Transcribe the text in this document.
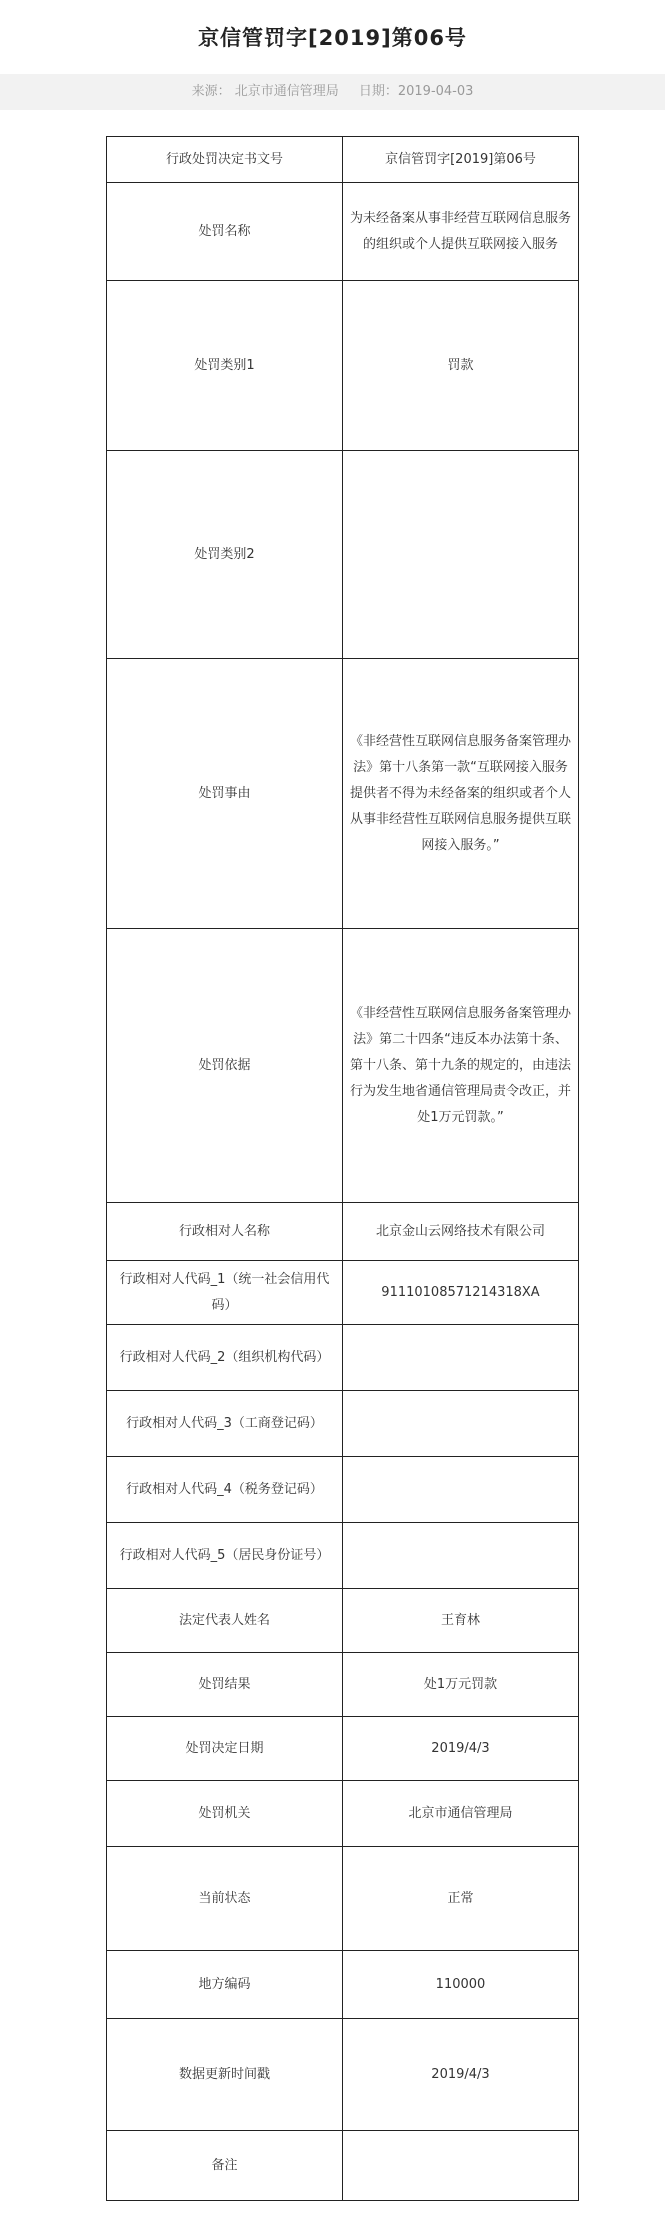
京信管罚字[2019]第06号
来源： 北京市通信管理局 日期：2019-04-03
行政处罚决定书文号	京信管罚字[2019]第06号
处罚名称	为未经备案从事非经营互联网信息服务的组织或个人提供互联网接入服务
处罚类别1	罚款
处罚类别2	
处罚事由	《非经营性互联网信息服务备案管理办法》第十八条第一款“互联网接入服务提供者不得为未经备案的组织或者个人从事非经营性互联网信息服务提供互联网接入服务。”
处罚依据	《非经营性互联网信息服务备案管理办法》第二十四条“违反本办法第十条、第十八条、第十九条的规定的，由违法行为发生地省通信管理局责令改正，并处1万元罚款。”
行政相对人名称	北京金山云网络技术有限公司
行政相对人代码_1（统一社会信用代码）	91110108571214318XA
行政相对人代码_2（组织机构代码）	
行政相对人代码_3（工商登记码）	
行政相对人代码_4（税务登记码）	
行政相对人代码_5（居民身份证号）	
法定代表人姓名	王育林
处罚结果	处1万元罚款
处罚决定日期	2019/4/3
处罚机关	北京市通信管理局
当前状态	正常
地方编码	110000
数据更新时间戳	2019/4/3
备注	
